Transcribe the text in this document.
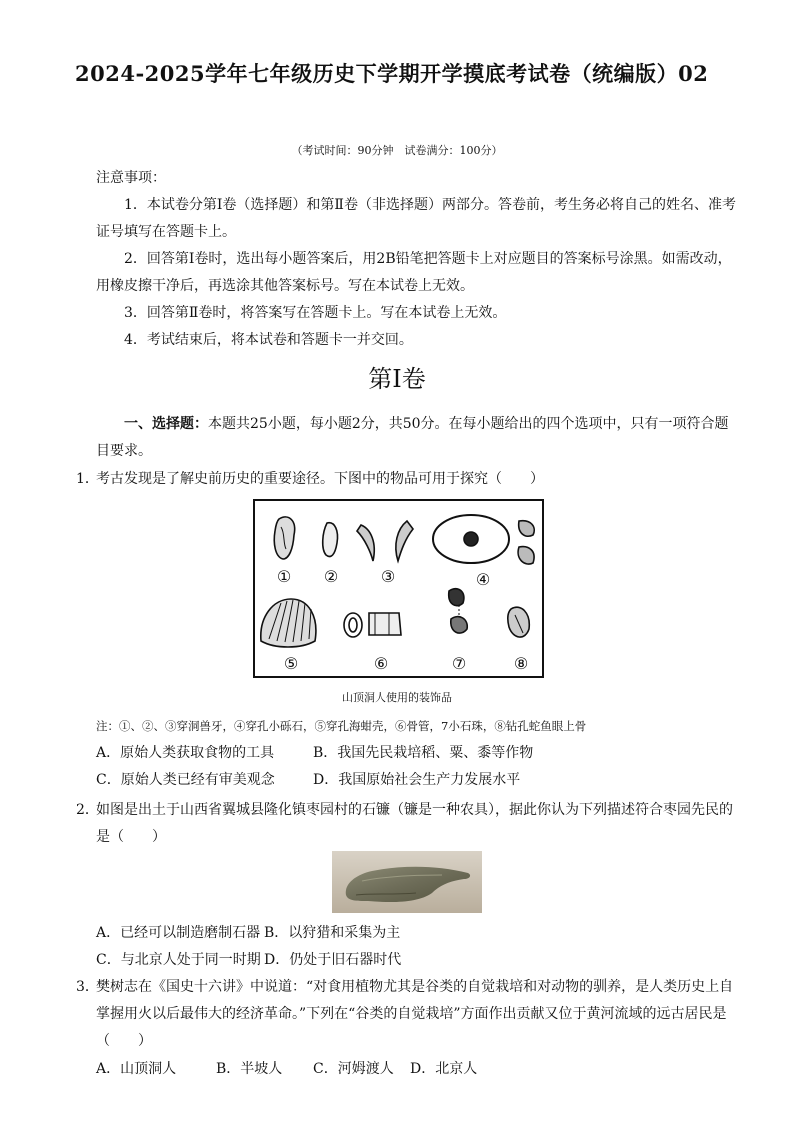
2024-2025学年七年级历史下学期开学摸底考试卷（统编版）02
（考试时间：90分钟　试卷满分：100分）
注意事项：
1．本试卷分第Ⅰ卷（选择题）和第Ⅱ卷（非选择题）两部分。答卷前，考生务必将自己的姓名、准考证号填写在答题卡上。
2．回答第Ⅰ卷时，选出每小题答案后，用2B铅笔把答题卡上对应题目的答案标号涂黑。如需改动，用橡皮擦干净后，再选涂其他答案标号。写在本试卷上无效。
3．回答第Ⅱ卷时，将答案写在答题卡上。写在本试卷上无效。
4．考试结束后，将本试卷和答题卡一并交回。
第Ⅰ卷
一、选择题：本题共25小题，每小题2分，共50分。在每小题给出的四个选项中，只有一项符合题目要求。
1．
考古发现是了解史前历史的重要途径。下图中的物品可用于探究（　　）
① ②	③	④
⑤	⑥	⑦	⑧
山顶洞人使用的装饰品
注：①、②、③穿洞兽牙，④穿孔小砾石，⑤穿孔海蚶壳，⑥骨管，7小石珠，⑧钻孔蛇鱼眼上骨
A．原始人类获取食物的工具	B．我国先民栽培稻、粟、黍等作物
C．原始人类已经有审美观念	D．我国原始社会生产力发展水平
2．
如图是出土于山西省翼城县隆化镇枣园村的石镰（镰是一种农具），据此你认为下列描述符合枣园先民的是（　　）
A．已经可以制造磨制石器 B．以狩猎和采集为主
C．与北京人处于同一时期 D．仍处于旧石器时代
3．
樊树志在《国史十六讲》中说道：“对食用植物尤其是谷类的自觉栽培和对动物的驯养，是人类历史上自掌握用火以后最伟大的经济革命。”下列在“谷类的自觉栽培”方面作出贡献又位于黄河流域的远古居民是（　　）
A．山顶洞人	B．半坡人 C．河姆渡人 D．北京人
